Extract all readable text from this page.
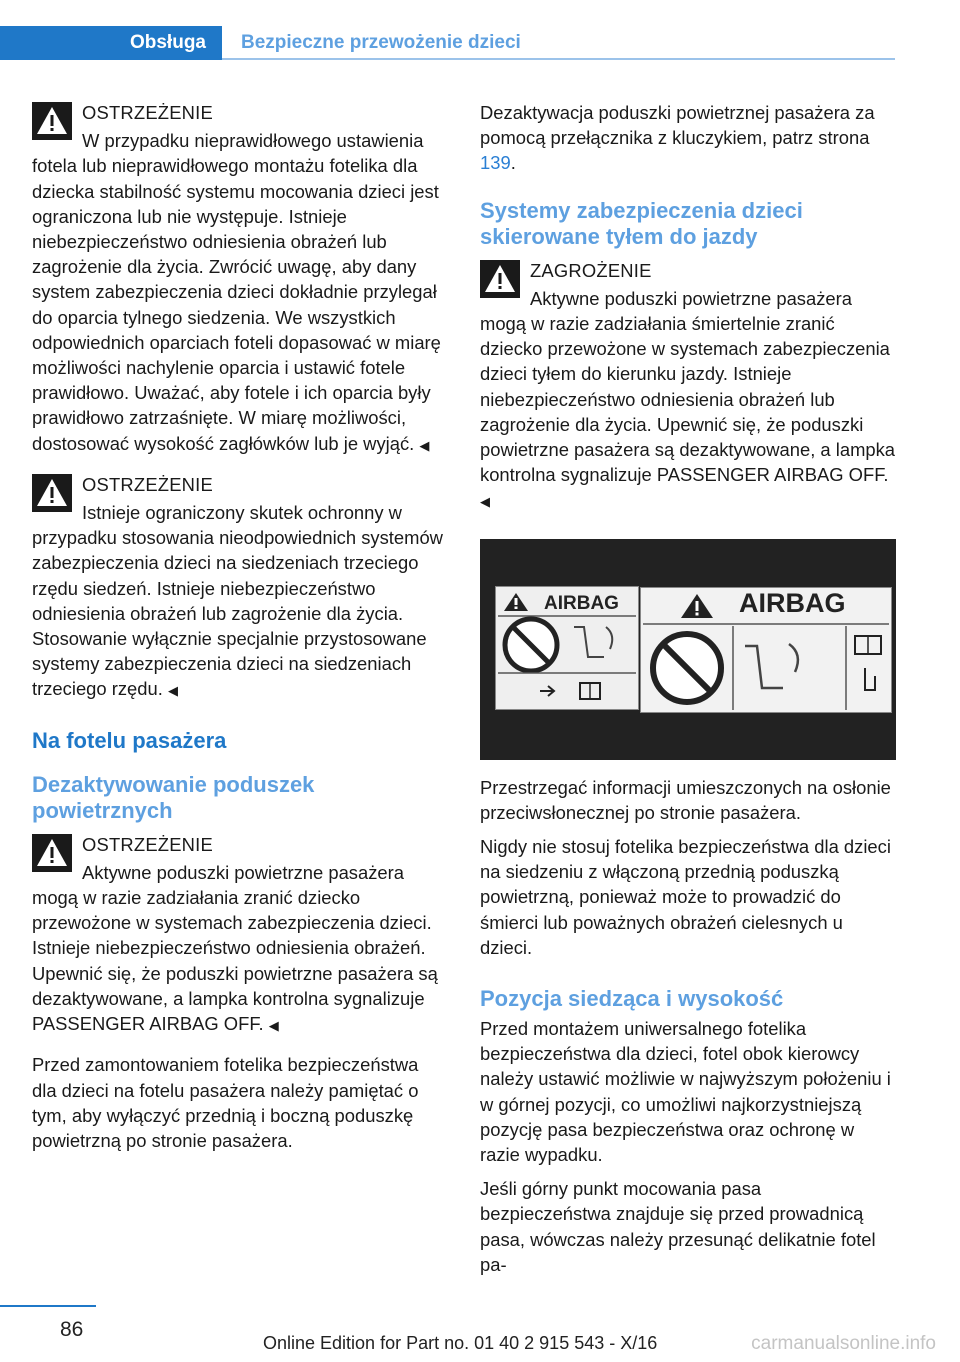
Obsługa	Bezpieczne przewożenie dzieci
OSTRZEŻENIE
W przypadku nieprawidłowego ustawienia fotela lub nieprawidłowego montażu fotelika dla dziecka stabilność systemu mocowania dzieci jest ograniczona lub nie występuje. Istnieje niebezpieczeństwo odniesienia obrażeń lub zagrożenie dla życia. Zwrócić uwagę, aby dany system zabezpieczenia dzieci dokładnie przylegał do oparcia tylnego siedzenia. We wszystkich odpowiednich oparciach foteli dopasować w miarę możliwości nachylenie oparcia i ustawić fotele prawidłowo. Uważać, aby fotele i ich oparcia były prawidłowo zatrzaśnięte. W miarę możliwości, dostosować wysokość zagłówków lub je wyjąć. ◀
OSTRZEŻENIE
Istnieje ograniczony skutek ochronny w przypadku stosowania nieodpowiednich systemów zabezpieczenia dzieci na siedzeniach trzeciego rzędu siedzeń. Istnieje niebezpieczeństwo odniesienia obrażeń lub zagrożenie dla życia. Stosowanie wyłącznie specjalnie przystosowane systemy zabezpieczenia dzieci na siedzeniach trzeciego rzędu. ◀
Na fotelu pasażera
Dezaktywowanie poduszek powietrznych
OSTRZEŻENIE
Aktywne poduszki powietrzne pasażera mogą w razie zadziałania zranić dziecko przewożone w systemach zabezpieczenia dzieci. Istnieje niebezpieczeństwo odniesienia obrażeń. Upewnić się, że poduszki powietrzne pasażera są dezaktywowane, a lampka kontrolna sygnalizuje PASSENGER AIRBAG OFF. ◀

Przed zamontowaniem fotelika bezpieczeństwa dla dzieci na fotelu pasażera należy pamiętać o tym, aby wyłączyć przednią i boczną poduszkę powietrzną po stronie pasażera.

Dezaktywacja poduszki powietrznej pasażera za pomocą przełącznika z kluczykiem, patrz strona 139.

Systemy zabezpieczenia dzieci skierowane tyłem do jazdy
ZAGROŻENIE
Aktywne poduszki powietrzne pasażera mogą w razie zadziałania śmiertelnie zranić dziecko przewożone w systemach zabezpieczenia dzieci tyłem do kierunku jazdy. Istnieje niebezpieczeństwo odniesienia obrażeń lub zagrożenie dla życia. Upewnić się, że poduszki powietrzne pasażera są dezaktywowane, a lampka kontrolna sygnalizuje PASSENGER AIRBAG OFF. ◀
AIRBAG	AIRBAG

Przestrzegać informacji umieszczonych na osłonie przeciwsłonecznej po stronie pasażera.

Nigdy nie stosuj fotelika bezpieczeństwa dla dzieci na siedzeniu z włączoną przednią poduszką powietrzną, ponieważ może to prowadzić do śmierci lub poważnych obrażeń cielesnych u dzieci.

Pozycja siedząca i wysokość

Przed montażem uniwersalnego fotelika bezpieczeństwa dla dzieci, fotel obok kierowcy należy ustawić możliwie w najwyższym położeniu i w górnej pozycji, co umożliwi najkorzystniejszą pozycję pasa bezpieczeństwa oraz ochronę w razie wypadku.

Jeśli górny punkt mocowania pasa bezpieczeństwa znajduje się przed prowadnicą pasa, wówczas należy przesunąć delikatnie fotel pa-

86
Online Edition for Part no. 01 40 2 915 543 - X/16	carmanualsonline.info
